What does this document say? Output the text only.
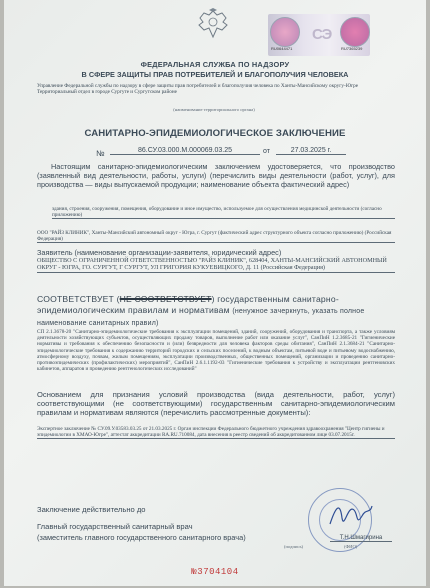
RU0644471
СЭ
RU7365239
ФЕДЕРАЛЬНАЯ СЛУЖБА ПО НАДЗОРУ
В СФЕРЕ ЗАЩИТЫ ПРАВ ПОТРЕБИТЕЛЕЙ И БЛАГОПОЛУЧИЯ ЧЕЛОВЕКА
Управление Федеральной службы по надзору в сфере защиты прав потребителей и благополучия человека по Ханты-Мансийскому округу-Югре Территориальный отдел в городе Сургуте и Сургутском районе
(наименование территориального органа)
САНИТАРНО-ЭПИДЕМИОЛОГИЧЕСКОЕ ЗАКЛЮЧЕНИЕ
№	86.СУ.03.000.М.000069.03.25	от	27.03.2025 г.
Настоящим санитарно-эпидемиологическим заключением удостоверяется, что производство (заявленный вид деятельности, работы, услуги) (перечислить виды деятельности (работ, услуг), для производства — виды выпускаемой продукции; наименование объекта фактический адрес)
здания, строения, сооружения, помещения, оборудование и иное имущество, используемое для осуществления медицинской деятельности (согласно приложению)
ООО "РАЙЗ КЛИНИК", Ханты-Мансийский автономный округ - Югра, г. Сургут (фактический адрес структурного объекта согласно приложению) (Российская Федерация)
Заявитель (наименование организации-заявителя, юридический адрес)
ОБЩЕСТВО С ОГРАНИЧЕННОЙ ОТВЕТСТВЕННОСТЬЮ "РАЙЗ КЛИНИК", 628404, ХАНТЫ-МАНСИЙСКИЙ АВТОНОМНЫЙ ОКРУГ - ЮГРА, ГО. СУРГУТ, Г СУРГУТ, УЛ ГРИГОРИЯ КУКУЕВИЦКОГО, Д. 11 (Российская Федерация)
СООТВЕТСТВУЕТ (НЕ СООТВЕТСТВУЕТ) государственным санитарно-эпидемиологическим правилам и нормативам (ненужное зачеркнуть, указать полное наименование санитарных правил)
СП 2.1.3678-20 "Санитарно-эпидемиологические требования к эксплуатации помещений, зданий, сооружений, оборудования и транспорта, а также условиям деятельности хозяйствующих субъектов, осуществляющих продажу товаров, выполнение работ или оказание услуг", СанПиН 1.2.3685-21 "Гигиенические нормативы и требования к обеспечению безопасности и (или) безвредности для человека факторов среды обитания", СанПиН 2.1.3684-21 "Санитарно-эпидемиологические требования к содержанию территорий городских и сельских поселений, к водным объектам, питьевой воде и питьевому водоснабжению, атмосферному воздуху, почвам, жилым помещениям, эксплуатации производственных, общественных помещений, организации и проведению санитарно-противоэпидемических (профилактических) мероприятий", СанПиН 2.6.1.1192-03 "Гигиенические требования к устройству и эксплуатации рентгеновских кабинетов, аппаратов и проведению рентгенологических исследований"
Основанием для признания условий производства (вида деятельности, работ, услуг) соответствующими (не соответствующими) государственным санитарно-эпидемиологическим правилам и нормативам являются (перечислить рассмотренные документы):
Экспертное заключение № СУ.09.У.03583.03.25 от 21.03.2025 г. Орган инспекции Федерального бюджетного учреждения здравоохранения "Центр гигиены и эпидемиологии в ХМАО-Югре", аттестат аккредитации RA.RU.710084, дата внесения в реестр сведений об аккредитованном лице 03.07.2015г.
Заключение действительно до
Главный государственный санитарный врач
(заместитель главного государственного санитарного врача)	Т.Н.Шмагирина
(ФИО)
(подпись)
№3704104
